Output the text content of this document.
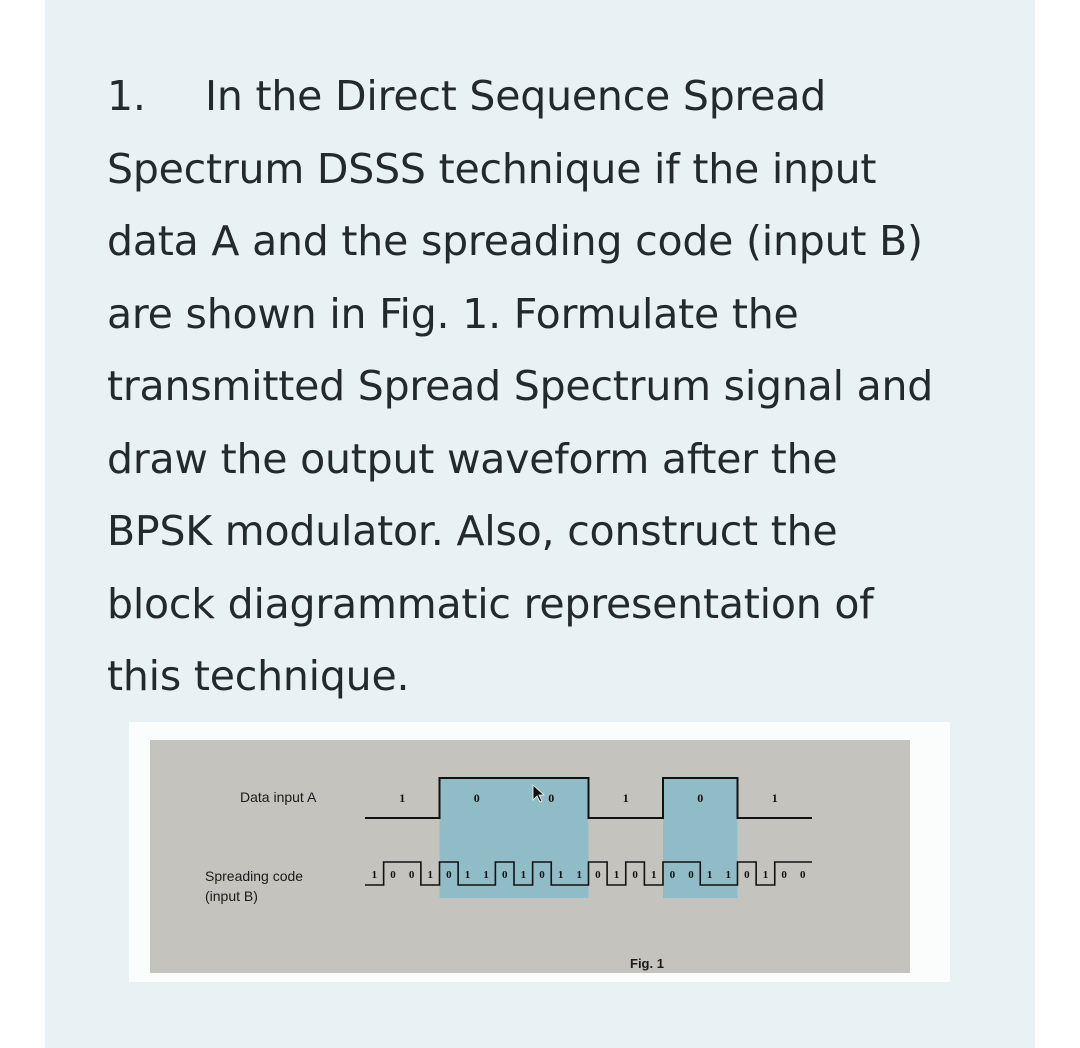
1. In the Direct Sequence Spread
Spectrum DSSS technique if the input
data A and the spreading code (input B)
are shown in Fig. 1. Formulate the
transmitted Spread Spectrum signal and
draw the output waveform after the
BPSK modulator. Also, construct the
block diagrammatic representation of
this technique.
Data input A
Spreading code
(input B)
1	0	0	1	0	1
1 0 0 1 0 1 1 0 1 0 1 1 0 1 0 1 0 0 1 1 0 1 0 0
Fig. 1
